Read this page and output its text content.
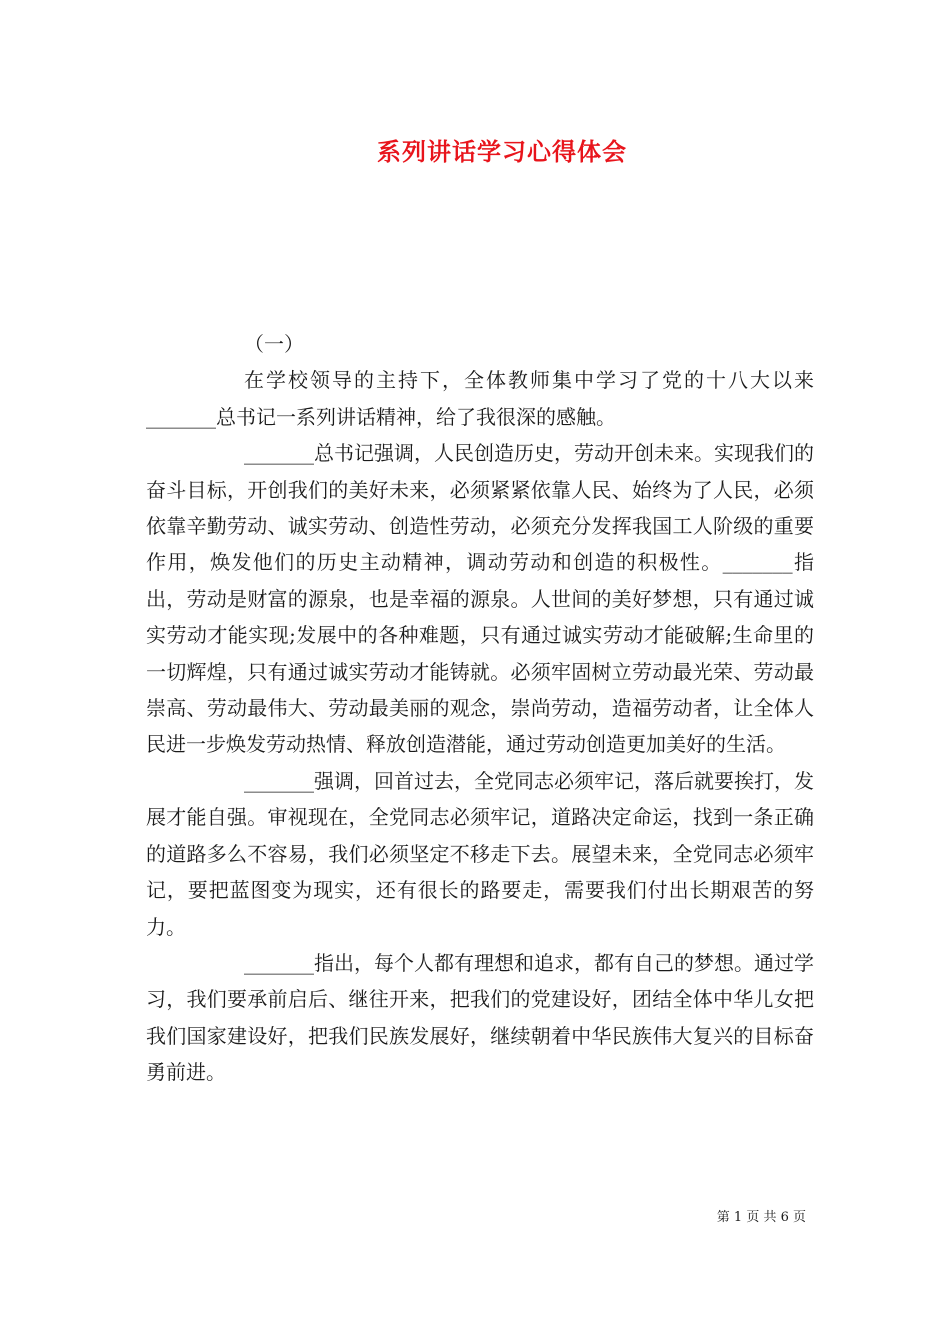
系列讲话学习心得体会

（一）

在学校领导的主持下，全体教师集中学习了党的十八大以来_______总书记一系列讲话精神，给了我很深的感触。

_______总书记强调，人民创造历史，劳动开创未来。实现我们的奋斗目标，开创我们的美好未来，必须紧紧依靠人民、始终为了人民，必须依靠辛勤劳动、诚实劳动、创造性劳动，必须充分发挥我国工人阶级的重要作用，焕发他们的历史主动精神，调动劳动和创造的积极性。_______指出，劳动是财富的源泉，也是幸福的源泉。人世间的美好梦想，只有通过诚实劳动才能实现;发展中的各种难题，只有通过诚实劳动才能破解;生命里的一切辉煌，只有通过诚实劳动才能铸就。必须牢固树立劳动最光荣、劳动最崇高、劳动最伟大、劳动最美丽的观念，崇尚劳动，造福劳动者，让全体人民进一步焕发劳动热情、释放创造潜能，通过劳动创造更加美好的生活。

_______强调，回首过去，全党同志必须牢记，落后就要挨打，发展才能自强。审视现在，全党同志必须牢记，道路决定命运，找到一条正确的道路多么不容易，我们必须坚定不移走下去。展望未来，全党同志必须牢记，要把蓝图变为现实，还有很长的路要走，需要我们付出长期艰苦的努力。

_______指出，每个人都有理想和追求，都有自己的梦想。通过学习，我们要承前启后、继往开来，把我们的党建设好，团结全体中华儿女把我们国家建设好，把我们民族发展好，继续朝着中华民族伟大复兴的目标奋勇前进。

第 1 页 共 6 页
